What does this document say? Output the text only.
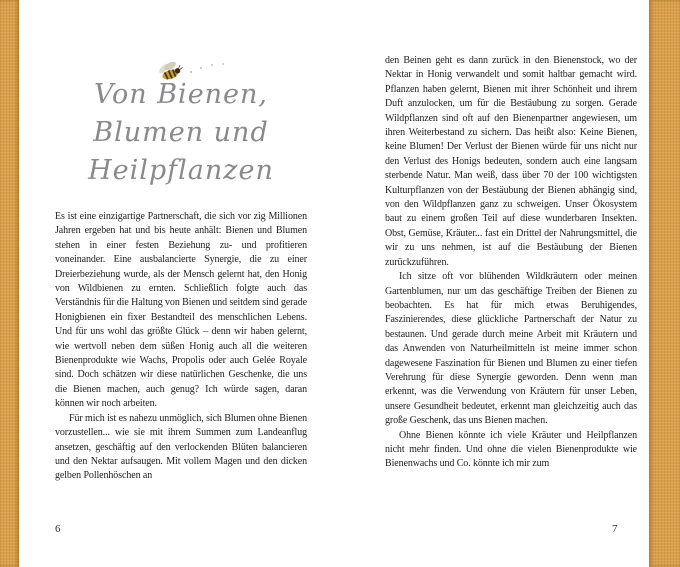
Von Bienen,
Blumen und
Heilpflanzen

Es ist eine einzigartige Partnerschaft, die sich vor zig Millionen Jahren ergeben hat und bis heute anhält: Bienen und Blumen stehen in einer festen Beziehung zu- und profitieren voneinander. Eine ausbalancierte Synergie, die zu einer Dreierbeziehung wurde, als der Mensch gelernt hat, den Honig von Wildbienen zu ernten. Schließlich folgte auch das Verständnis für die Haltung von Bienen und seitdem sind gerade Honigbienen ein fixer Bestandteil des menschlichen Lebens. Und für uns wohl das größte Glück – denn wir haben gelernt, wie wertvoll neben dem süßen Honig auch all die weiteren Bienenprodukte wie Wachs, Propolis oder auch Gelée Royale sind. Doch schätzen wir diese natürlichen Geschenke, die uns die Bienen machen, auch genug? Ich würde sagen, daran können wir noch arbeiten.

Für mich ist es nahezu unmöglich, sich Blumen ohne Bienen vorzustellen... wie sie mit ihrem Summen zum Landeanflug ansetzen, geschäftig auf den verlockenden Blüten balancieren und den Nektar aufsaugen. Mit vollem Magen und den dicken gelben Pollenhöschen an

den Beinen geht es dann zurück in den Bienenstock, wo der Nektar in Honig verwandelt und somit haltbar gemacht wird. Pflanzen haben gelernt, Bienen mit ihrer Schönheit und ihrem Duft anzulocken, um für die Bestäubung zu sorgen. Gerade Wildpflanzen sind oft auf den Bienenpartner angewiesen, um ihren Weiterbestand zu sichern. Das heißt also: Keine Bienen, keine Blumen! Der Verlust der Bienen würde für uns nicht nur den Verlust des Honigs bedeuten, sondern auch eine langsam sterbende Natur. Man weiß, dass über 70 der 100 wichtigsten Kulturpflanzen von der Bestäubung der Bienen abhängig sind, von den Wildpflanzen ganz zu schweigen. Unser Ökosystem baut zu einem großen Teil auf diese wunderbaren Insekten. Obst, Gemüse, Kräuter... fast ein Drittel der Nahrungsmittel, die wir zu uns nehmen, ist auf die Bestäubung der Bienen zurückzuführen.

Ich sitze oft vor blühenden Wildkräutern oder meinen Gartenblumen, nur um das geschäftige Treiben der Bienen zu beobachten. Es hat für mich etwas Beruhigendes, Faszinierendes, diese glückliche Partnerschaft der Natur zu bestaunen. Und gerade durch meine Arbeit mit Kräutern und das Anwenden von Naturheilmitteln ist meine immer schon dagewesene Faszination für Bienen und Blumen zu einer tiefen Verehrung für diese Synergie geworden. Denn wenn man erkennt, was die Verwendung von Kräutern für unser Leben, unsere Gesundheit bedeutet, erkennt man gleichzeitig auch das große Geschenk, das uns Bienen machen.

Ohne Bienen könnte ich viele Kräuter und Heilpflanzen nicht mehr finden. Und ohne die vielen Bienenprodukte wie Bienenwachs und Co. könnte ich mir zum

6	7
